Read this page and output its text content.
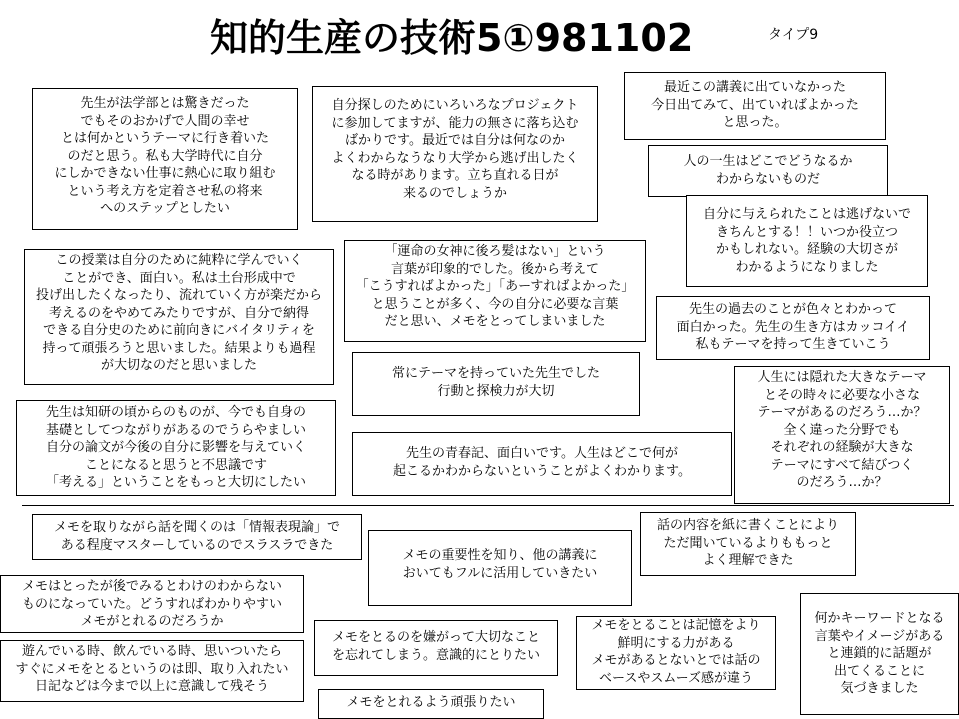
知的生産の技術5①981102	タイプ9
先生が法学部とは驚きだった
でもそのおかげで人間の幸せ
とは何かというテーマに行き着いた
のだと思う。私も大学時代に自分
にしかできない仕事に熱心に取り組む
という考え方を定着させ私の将来
へのステップとしたい
自分探しのためにいろいろなプロジェクト
に参加してますが、能力の無さに落ち込む
ばかりです。最近では自分は何なのか
よくわからなうなり大学から逃げ出したく
なる時があります。立ち直れる日が
来るのでしょうか
最近この講義に出ていなかった
今日出てみて、出ていればよかった
と思った。
人の一生はどこでどうなるか
わからないものだ
自分に与えられたことは逃げないで
きちんとする！！いつか役立つ
かもしれない。経験の大切さが
わかるようになりました
この授業は自分のために純粋に学んでいく
ことができ、面白い。私は土台形成中で
投げ出したくなったり、流れていく方が楽だから
考えるのをやめてみたりですが、自分で納得
できる自分史のために前向きにバイタリティを
持って頑張ろうと思いました。結果よりも過程
が大切なのだと思いました
「運命の女神に後ろ髪はない」という
言葉が印象的でした。後から考えて
「こうすればよかった」「あーすればよかった」
と思うことが多く、今の自分に必要な言葉
だと思い、メモをとってしまいました
先生の過去のことが色々とわかって
面白かった。先生の生き方はカッコイイ
私もテーマを持って生きていこう
常にテーマを持っていた先生でした
行動と探検力が大切
人生には隠れた大きなテーマ
とその時々に必要な小さな
テーマがあるのだろう…か？
全く違った分野でも
それぞれの経験が大きな
テーマにすべて結びつく
のだろう…か？
先生は知研の頃からのものが、今でも自身の
基礎としてつながりがあるのでうらやましい
自分の論文が今後の自分に影響を与えていく
ことになると思うと不思議です
「考える」ということをもっと大切にしたい
先生の青春記、面白いです。人生はどこで何が
起こるかわからないということがよくわかります。
メモを取りながら話を聞くのは「情報表現論」で
ある程度マスターしているのでスラスラできた
話の内容を紙に書くことにより
ただ聞いているよりももっと
よく理解できた
メモの重要性を知り、他の講義に
おいてもフルに活用していきたい
メモはとったが後でみるとわけのわからない
ものになっていた。どうすればわかりやすい
メモがとれるのだろうか	何かキーワードとなる
言葉やイメージがある
と連鎖的に話題が
出てくることに
気づきました
メモをとるのを嫌がって大切なこと
を忘れてしまう。意識的にとりたい
メモをとることは記憶をより
鮮明にする力がある
メモがあるとないとでは話の
ベースやスムーズ感が違う
遊んでいる時、飲んでいる時、思いついたら
すぐにメモをとるというのは即、取り入れたい
日記などは今まで以上に意識して残そう
メモをとれるよう頑張りたい
